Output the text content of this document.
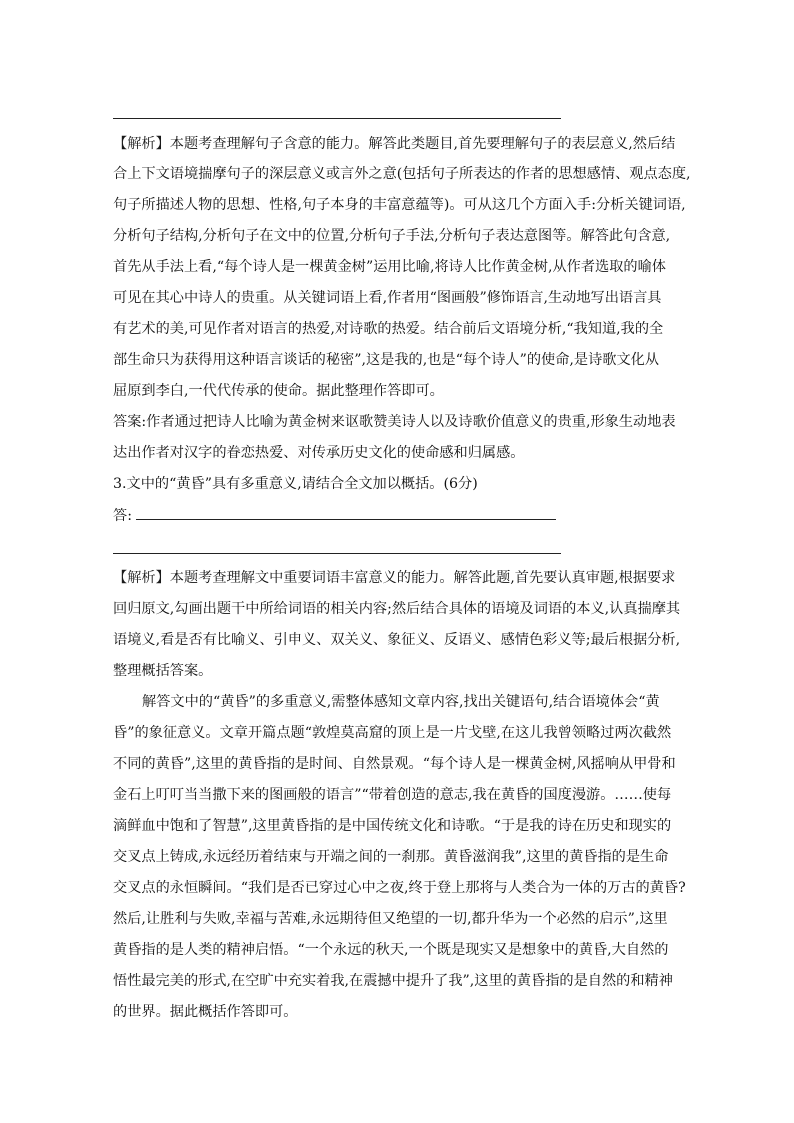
【解析】本题考查理解句子含意的能力。解答此类题目,首先要理解句子的表层意义,然后结
合上下文语境揣摩句子的深层意义或言外之意(包括句子所表达的作者的思想感情、观点态度,
句子所描述人物的思想、性格,句子本身的丰富意蕴等)。可从这几个方面入手:分析关键词语,
分析句子结构,分析句子在文中的位置,分析句子手法,分析句子表达意图等。解答此句含意,
首先从手法上看,“每个诗人是一棵黄金树”运用比喻,将诗人比作黄金树,从作者选取的喻体
可见在其心中诗人的贵重。从关键词语上看,作者用“图画般”修饰语言,生动地写出语言具
有艺术的美,可见作者对语言的热爱,对诗歌的热爱。结合前后文语境分析,“我知道,我的全
部生命只为获得用这种语言谈话的秘密”,这是我的,也是“每个诗人”的使命,是诗歌文化从
屈原到李白,一代代传承的使命。据此整理作答即可。
答案:作者通过把诗人比喻为黄金树来讴歌赞美诗人以及诗歌价值意义的贵重,形象生动地表
达出作者对汉字的眷恋热爱、对传承历史文化的使命感和归属感。
3.文中的“黄昏”具有多重意义,请结合全文加以概括。(6分)
答:
【解析】本题考查理解文中重要词语丰富意义的能力。解答此题,首先要认真审题,根据要求
回归原文,勾画出题干中所给词语的相关内容;然后结合具体的语境及词语的本义,认真揣摩其
语境义,看是否有比喻义、引申义、双关义、象征义、反语义、感情色彩义等;最后根据分析,
整理概括答案。
解答文中的“黄昏”的多重意义,需整体感知文章内容,找出关键语句,结合语境体会“黄
昏”的象征意义。文章开篇点题“敦煌莫高窟的顶上是一片戈壁,在这儿我曾领略过两次截然
不同的黄昏”,这里的黄昏指的是时间、自然景观。“每个诗人是一棵黄金树,风摇响从甲骨和
金石上叮叮当当撒下来的图画般的语言”“带着创造的意志,我在黄昏的国度漫游。……使每
滴鲜血中饱和了智慧”,这里黄昏指的是中国传统文化和诗歌。“于是我的诗在历史和现实的
交叉点上铸成,永远经历着结束与开端之间的一刹那。黄昏滋润我”,这里的黄昏指的是生命
交叉点的永恒瞬间。“我们是否已穿过心中之夜,终于登上那将与人类合为一体的万古的黄昏?
然后,让胜利与失败,幸福与苦难,永远期待但又绝望的一切,都升华为一个必然的启示”,这里
黄昏指的是人类的精神启悟。“一个永远的秋天,一个既是现实又是想象中的黄昏,大自然的
悟性最完美的形式,在空旷中充实着我,在震撼中提升了我”,这里的黄昏指的是自然的和精神
的世界。据此概括作答即可。
